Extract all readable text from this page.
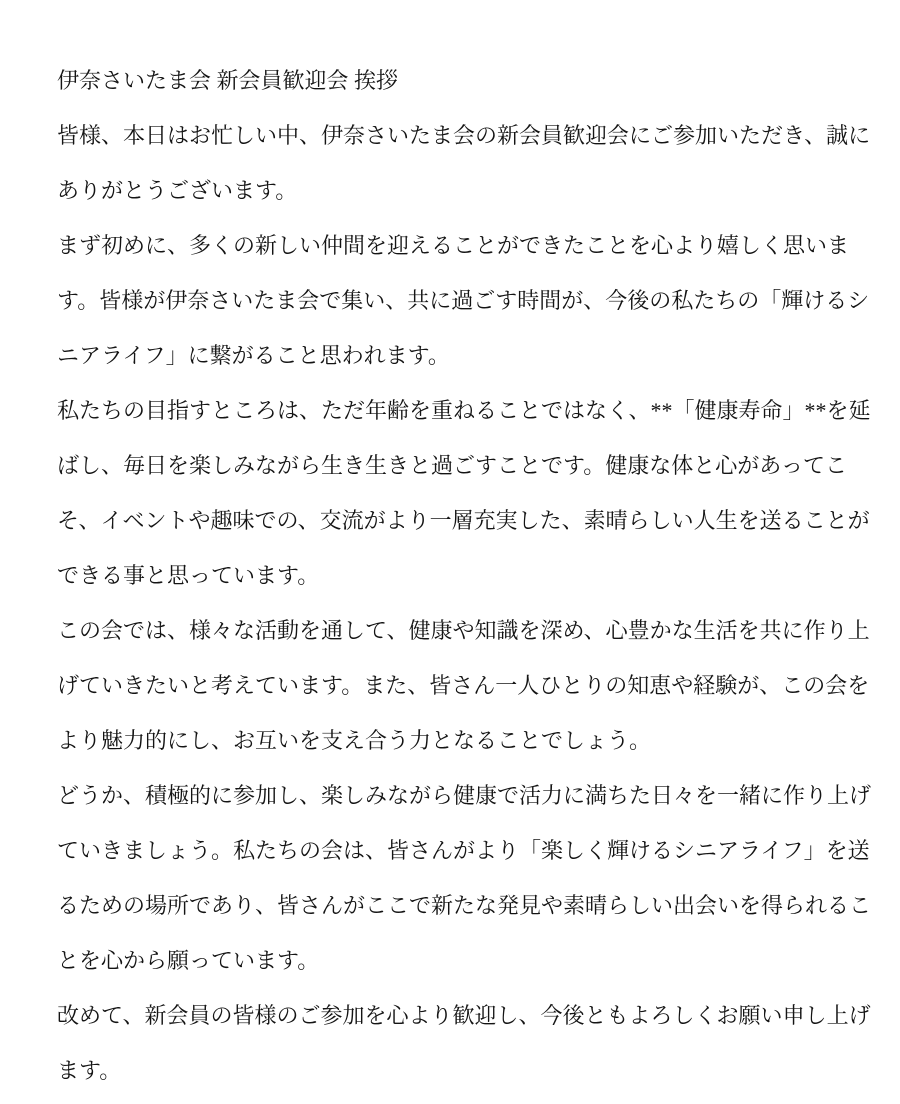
伊奈さいたま会 新会員歓迎会 挨拶
皆様、本日はお忙しい中、伊奈さいたま会の新会員歓迎会にご参加いただき、誠に
ありがとうございます。
まず初めに、多くの新しい仲間を迎えることができたことを心より嬉しく思いま
す。皆様が伊奈さいたま会で集い、共に過ごす時間が、今後の私たちの「輝けるシ
ニアライフ」に繋がること思われます。
私たちの目指すところは、ただ年齢を重ねることではなく、**「健康寿命」**を延
ばし、毎日を楽しみながら生き生きと過ごすことです。健康な体と心があってこ
そ、イベントや趣味での、交流がより一層充実した、素晴らしい人生を送ることが
できる事と思っています。
この会では、様々な活動を通して、健康や知識を深め、心豊かな生活を共に作り上
げていきたいと考えています。また、皆さん一人ひとりの知恵や経験が、この会を
より魅力的にし、お互いを支え合う力となることでしょう。
どうか、積極的に参加し、楽しみながら健康で活力に満ちた日々を一緒に作り上げ
ていきましょう。私たちの会は、皆さんがより「楽しく輝けるシニアライフ」を送
るための場所であり、皆さんがここで新たな発見や素晴らしい出会いを得られるこ
とを心から願っています。
改めて、新会員の皆様のご参加を心より歓迎し、今後ともよろしくお願い申し上げ
ます。
